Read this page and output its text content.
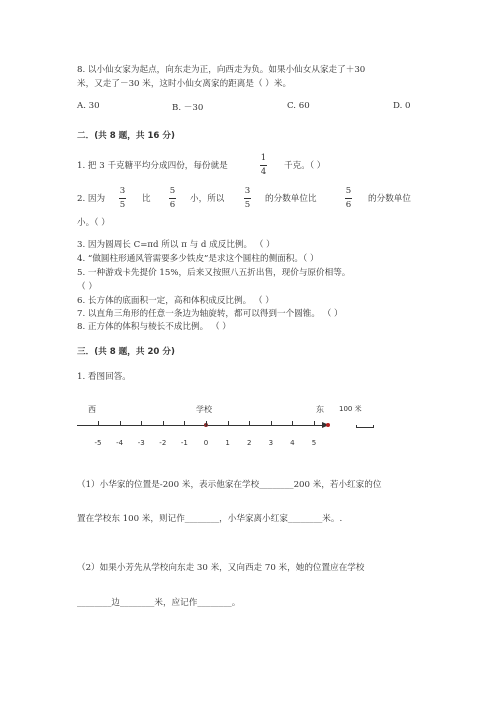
8. 以小仙女家为起点，向东走为正，向西走为负。如果小仙女从家走了＋30
米，又走了－30 米，这时小仙女离家的距离是（ ）米。
A. 30	B. －30	C. 60	D. 0
二．(共 8 题，共 16 分)
1. 把 3 千克糖平均分成四份，每份就是
1
4
千克。（ ）
2. 因为
3
5
比
5
6
小，所以
3
5
的分数单位比
5
6
的分数单位
小。（ ）
3. 因为圆周长 C=πd 所以 π 与 d 成反比例。 （ ）
4. “做圆柱形通风管需要多少铁皮”是求这个圆柱的侧面积。（ ）
5. 一种游戏卡先提价 15%，后来又按照八五折出售，现价与原价相等。
（ ）
6. 长方体的底面积一定，高和体积成反比例。 （ ）
7. 以直角三角形的任意一条边为轴旋转，都可以得到一个圆锥。 （ ）
8. 正方体的体积与棱长不成比例。 （ ）
三．(共 8 题，共 20 分)
1. 看图回答。
西	学校	东 100 米
-5 -4 -3 -2 -1 0 1 2 3 4 5
（1）小华家的位置是-200 米，表示他家在学校________200 米，若小红家的位
置在学校东 100 米，则记作________，小华家离小红家________米。.
（2）如果小芳先从学校向东走 30 米，又向西走 70 米，她的位置应在学校
________边________米，应记作________。
